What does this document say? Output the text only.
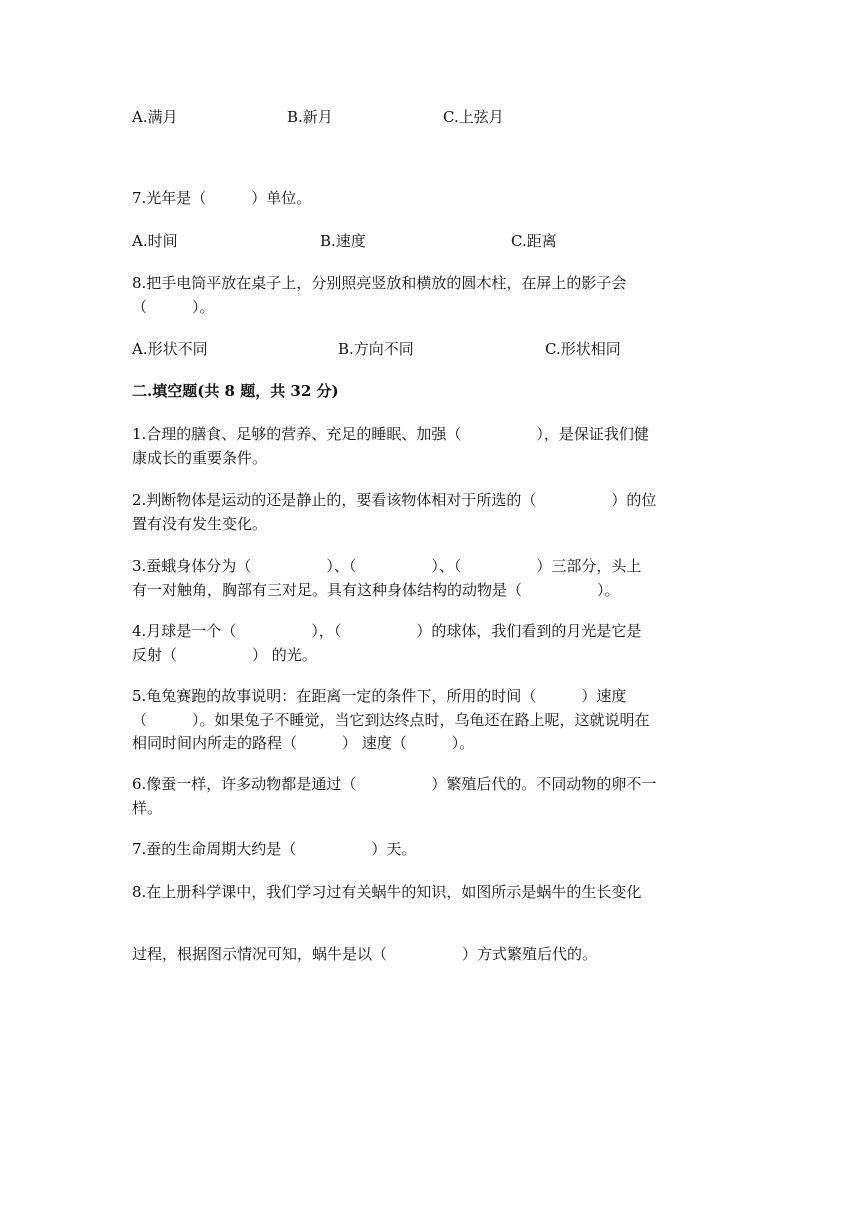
A.满月	B.新月	C.上弦月
7.光年是（　　　）单位。
A.时间	B.速度	C.距离
8.把手电筒平放在桌子上，分别照亮竖放和横放的圆木柱，在屏上的影子会
（　　　）。
A.形状不同	B.方向不同	C.形状相同
二.填空题(共 8 题，共 32 分)
1.合理的膳食、足够的营养、充足的睡眠、加强（　　　　　），是保证我们健
康成长的重要条件。
2.判断物体是运动的还是静止的，要看该物体相对于所选的（　　　　　）的位
置有没有发生变化。
3.蚕蛾身体分为（　　　　　）、（　　　　　）、（　　　　　）三部分，头上
有一对触角，胸部有三对足。具有这种身体结构的动物是（　　　　　）。
4.月球是一个（　　　　　），（　　　　　）的球体，我们看到的月光是它是
反射（　　　　　） 的光。
5.龟兔赛跑的故事说明：在距离一定的条件下，所用的时间（　　　）速度
（　　　）。如果兔子不睡觉，当它到达终点时，乌龟还在路上呢，这就说明在
相同时间内所走的路程（　　　） 速度（　　　）。
6.像蚕一样，许多动物都是通过（　　　　　）繁殖后代的。不同动物的卵不一
样。
7.蚕的生命周期大约是（　　　　　）天。
8.在上册科学课中，我们学习过有关蜗牛的知识，如图所示是蜗牛的生长变化
过程，根据图示情况可知，蜗牛是以（　　　　　）方式繁殖后代的。
